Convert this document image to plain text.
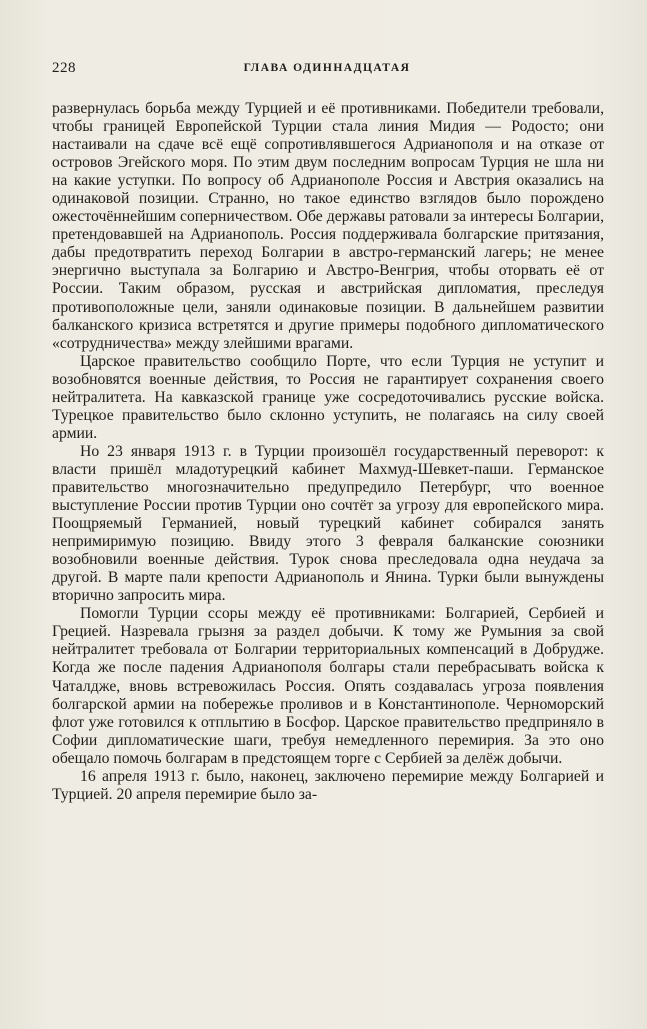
228	ГЛАВА ОДИННАДЦАТАЯ

развернулась борьба между Турцией и её противниками. Победители требовали, чтобы границей Европейской Турции стала линия Мидия — Родосто; они настаивали на сдаче всё ещё сопротивлявшегося Адрианополя и на отказе от островов Эгейского моря. По этим двум последним вопросам Турция не шла ни на какие уступки. По вопросу об Адрианополе Россия и Австрия оказались на одинаковой позиции. Странно, но такое единство взглядов было порождено ожесточённейшим соперничеством. Обе державы ратовали за интересы Болгарии, претендовавшей на Адрианополь. Россия поддерживала болгарские притязания, дабы предотвратить переход Болгарии в австро-германский лагерь; не менее энергично выступала за Болгарию и Австро-Венгрия, чтобы оторвать её от России. Таким образом, русская и австрийская дипломатия, преследуя противоположные цели, заняли одинаковые позиции. В дальнейшем развитии балканского кризиса встретятся и другие примеры подобного дипломатического «сотрудничества» между злейшими врагами.

Царское правительство сообщило Порте, что если Турция не уступит и возобновятся военные действия, то Россия не гарантирует сохранения своего нейтралитета. На кавказской границе уже сосредоточивались русские войска. Турецкое правительство было склонно уступить, не полагаясь на силу своей армии.

Но 23 января 1913 г. в Турции произошёл государственный переворот: к власти пришёл младотурецкий кабинет Махмуд-Шевкет-паши. Германское правительство многозначительно предупредило Петербург, что военное выступление России против Турции оно сочтёт за угрозу для европейского мира. Поощряемый Германией, новый турецкий кабинет собирался занять непримиримую позицию. Ввиду этого 3 февраля балканские союзники возобновили военные действия. Турок снова преследовала одна неудача за другой. В марте пали крепости Адрианополь и Янина. Турки были вынуждены вторично запросить мира.

Помогли Турции ссоры между её противниками: Болгарией, Сербией и Грецией. Назревала грызня за раздел добычи. К тому же Румыния за свой нейтралитет требовала от Болгарии территориальных компенсаций в Добрудже. Когда же после падения Адрианополя болгары стали перебрасывать войска к Чаталдже, вновь встревожилась Россия. Опять создавалась угроза появления болгарской армии на побережье проливов и в Константинополе. Черноморский флот уже готовился к отплытию в Босфор. Царское правительство предприняло в Софии дипломатические шаги, требуя немедленного перемирия. За это оно обещало помочь болгарам в предстоящем торге с Сербией за делёж добычи.

16 апреля 1913 г. было, наконец, заключено перемирие между Болгарией и Турцией. 20 апреля перемирие было за-
